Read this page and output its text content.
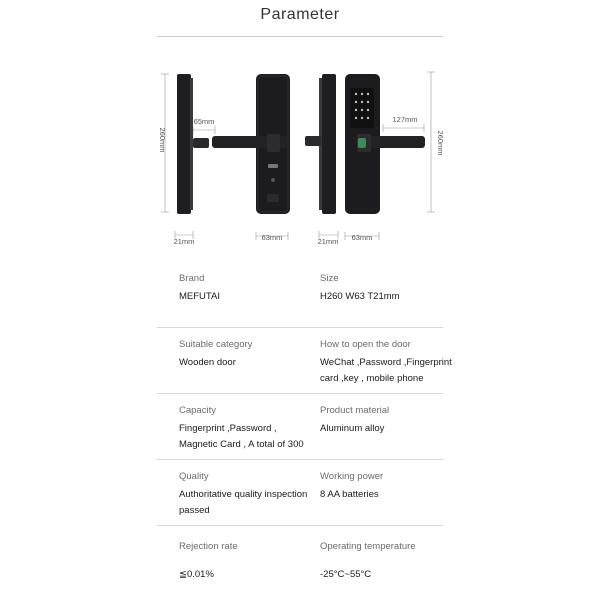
Parameter
260mm	260mm
65mm	127mm
21mm	63mm	21mm 63mm
Brand
MEFUTAI
Size
H260 W63 T21mm
Suitable category
Wooden door
How to open the door
WeChat ,Password ,Fingerprint card ,key , mobile phone
Capacity
Fingerprint ,Password , Magnetic Card , A total of 300
Product material
Aluminum alloy
Quality
Authoritative quality inspection passed
Working power
8 AA batteries
Rejection rate
≦0.01%
Operating temperature
-25°C~55°C
